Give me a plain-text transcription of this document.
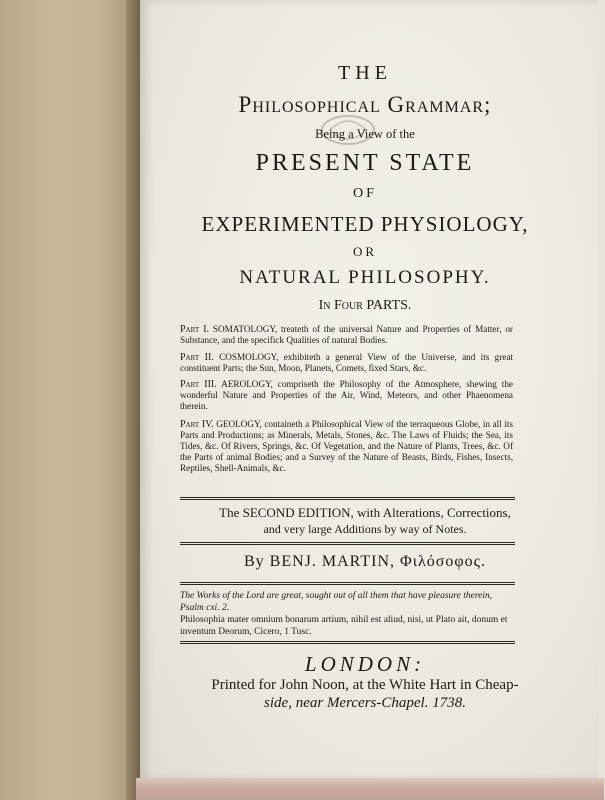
THE
Philosophical Grammar;
Being a View of the
PRESENT STATE
OF
EXPERIMENTED PHYSIOLOGY,
OR
NATURAL PHILOSOPHY.
In Four PARTS.
Part I. SOMATOLOGY, treateth of the universal Nature and Properties of Matter, or Substance, and the specifick Qualities of natural Bodies.
Part II. COSMOLOGY, exhibiteth a general View of the Universe, and its great constituent Parts; the Sun, Moon, Planets, Comets, fixed Stars, &c.
Part III. AEROLOGY, compriseth the Philosophy of the Atmosphere, shewing the wonderful Nature and Properties of the Air, Wind, Meteors, and other Phaenomena therein.
Part IV. GEOLOGY, containeth a Philosophical View of the terraqueous Globe, in all its Parts and Productions; as Minerals, Metals, Stones, &c. The Laws of Fluids; the Sea, its Tides, &c. Of Rivers, Springs, &c. Of Vegetation, and the Nature of Plants, Trees, &c. Of the Parts of animal Bodies; and a Survey of the Nature of Beasts, Birds, Fishes, Insects, Reptiles, Shell-Animals, &c.
The SECOND EDITION, with Alterations, Corrections,
and very large Additions by way of Notes.
By BENJ. MARTIN, Φιλόσοφος.
The Works of the Lord are great, sought out of all them that have pleasure therein, Psalm cxi. 2.
Philosophia mater omnium bonarum artium, nihil est aliud, nisi, ut Plato ait, donum et inventum Deorum, Cicero, 1 Tusc.
LONDON:
Printed for John Noon, at the White Hart in Cheap-
side, near Mercers-Chapel. 1738.
